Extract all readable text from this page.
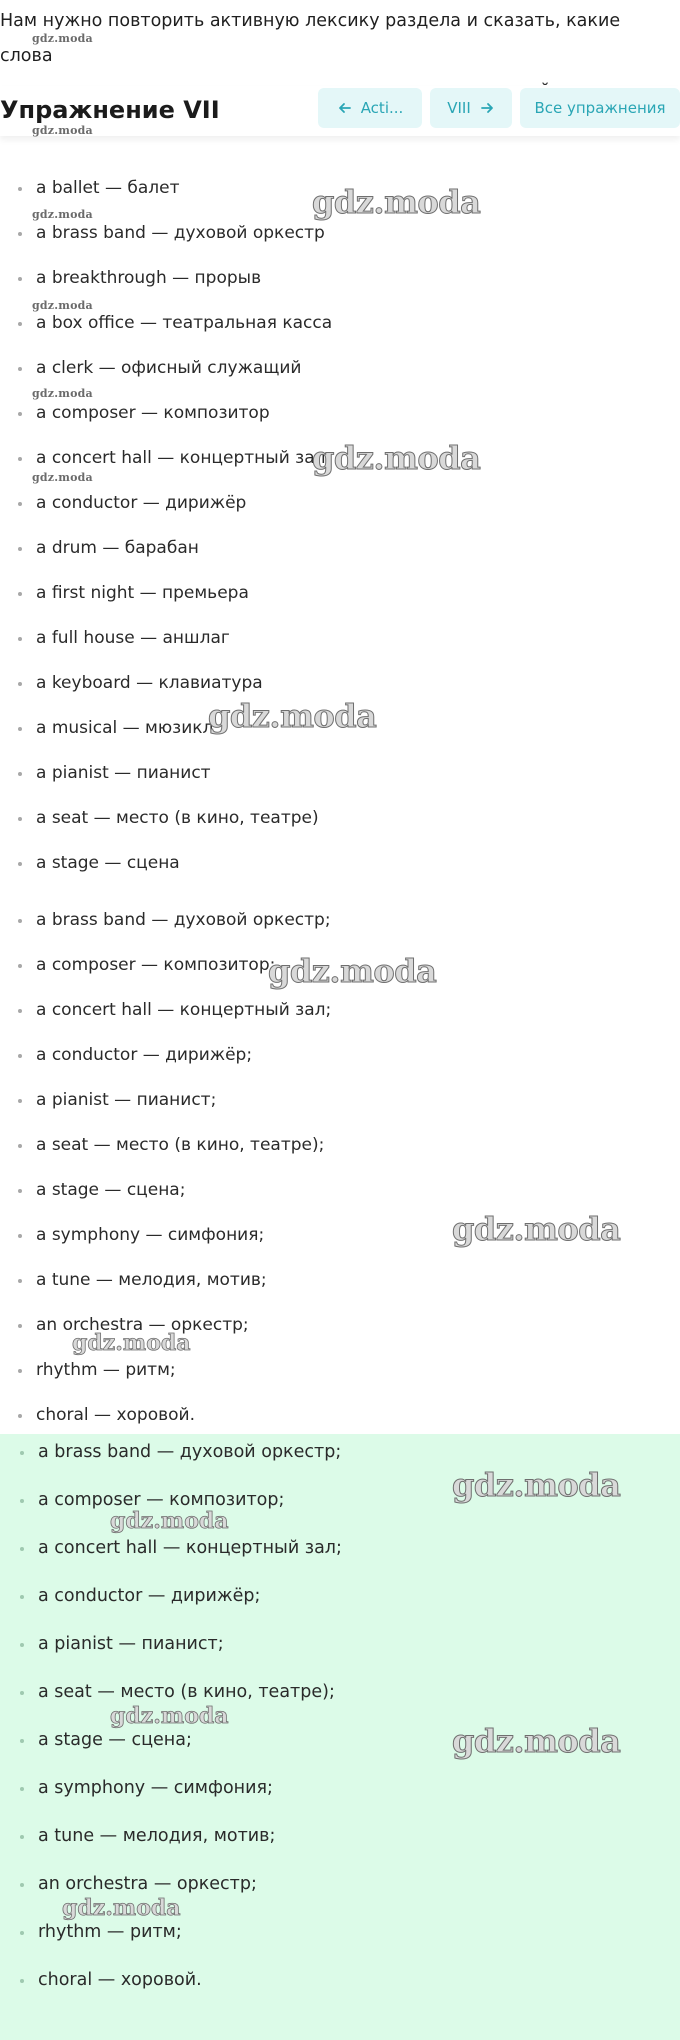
Нам нужно повторить активную лексику раздела и сказать, какие слова
gdz.moda
Упражнение VII	Acti...	VIII	Все упражнения
gdz.moda
a ballet — балет
a brass band — духовой оркестр
a breakthrough — прорыв
a box office — театральная касса
a clerk — офисный служащий
a composer — композитор
a concert hall — концертный зал
a conductor — дирижёр
a drum — барабан
a first night — премьера
a full house — аншлаг
a keyboard — клавиатура
a musical — мюзикл
a pianist — пианист
a seat — место (в кино, театре)
a stage — сцена
a brass band — духовой оркестр;
a composer — композитор;
a concert hall — концертный зал;
a conductor — дирижёр;
a pianist — пианист;
a seat — место (в кино, театре);
a stage — сцена;
a symphony — симфония;
a tune — мелодия, мотив;
an orchestra — оркестр;
rhythm — ритм;
choral — хоровой.
a brass band — духовой оркестр;
a composer — композитор;
a concert hall — концертный зал;
a conductor — дирижёр;
a pianist — пианист;
a seat — место (в кино, театре);
a stage — сцена;
a symphony — симфония;
a tune — мелодия, мотив;
an orchestra — оркестр;
rhythm — ритм;
choral — хоровой.
gdz.moda
gdz.moda
gdz.moda
gdz.moda
gdz.moda
gdz.moda
gdz.moda
gdz.moda
gdz.moda
gdz.moda
gdz.moda
gdz.moda
gdz.moda
gdz.moda
gdz.moda
